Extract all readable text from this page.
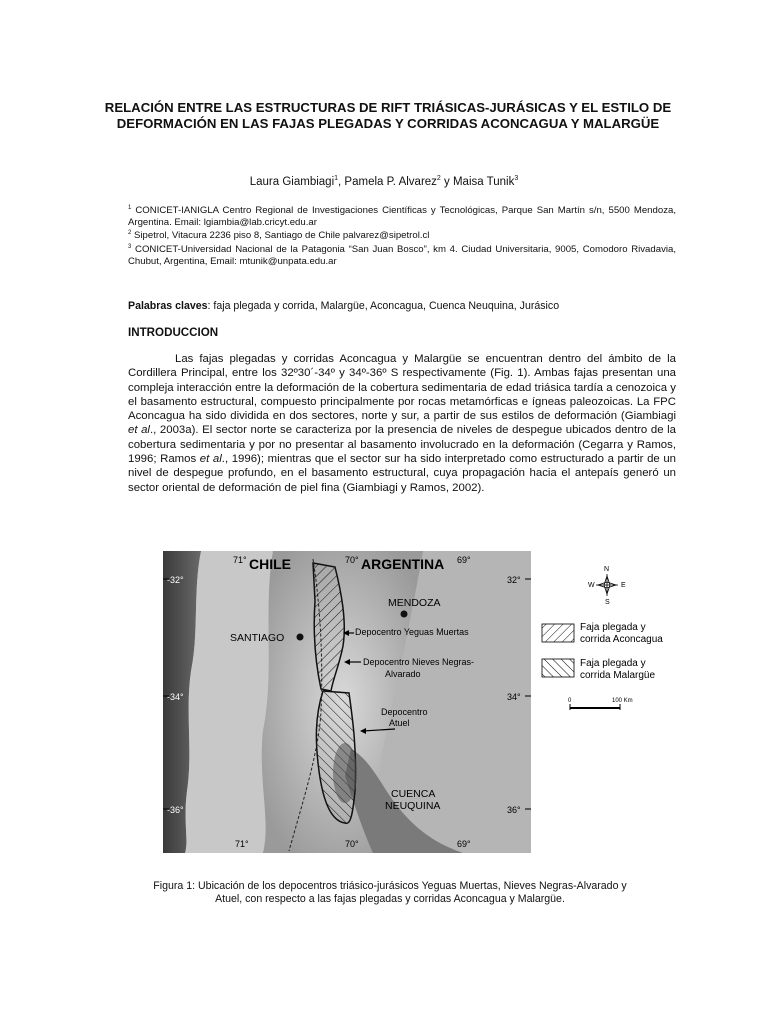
RELACIÓN ENTRE LAS ESTRUCTURAS DE RIFT TRIÁSICAS-JURÁSICAS Y EL ESTILO DE DEFORMACIÓN EN LAS FAJAS PLEGADAS Y CORRIDAS ACONCAGUA Y MALARGÜE
Laura Giambiagi$^1$, Pamela P. Alvarez$^2$ y Maisa Tunik$^3$

$^1$ CONICET-IANIGLA Centro Regional de Investigaciones Científicas y Tecnológicas, Parque San Martín s/n, 5500 Mendoza, Argentina. Email: lgiambia@lab.cricyt.edu.ar

$^2$ Sipetrol, Vitacura 2236 piso 8, Santiago de Chile palvarez@sipetrol.cl

$^3$ CONICET-Universidad Nacional de la Patagonia “San Juan Bosco”, km 4. Ciudad Universitaria, 9005, Comodoro Rivadavia, Chubut, Argentina, Email: mtunik@unpata.edu.ar

Palabras claves: faja plegada y corrida, Malargüe, Aconcagua, Cuenca Neuquina, Jurásico
INTRODUCCION

Las fajas plegadas y corridas Aconcagua y Malargüe se encuentran dentro del ámbito de la Cordillera Principal, entre los 32º30´-34º y 34º-36º S respectivamente (Fig. 1). Ambas fajas presentan una compleja interacción entre la deformación de la cobertura sedimentaria de edad triásica tardía a cenozoica y el basamento estructural, compuesto principalmente por rocas metamórficas e ígneas paleozoicas. La FPC Aconcagua ha sido dividida en dos sectores, norte y sur, a partir de sus estilos de deformación (Giambiagi et al., 2003a). El sector norte se caracteriza por la presencia de niveles de despegue ubicados dentro de la cobertura sedimentaria y por no presentar al basamento involucrado en la deformación (Cegarra y Ramos, 1996; Ramos et al., 1996); mientras que el sector sur ha sido interpretado como estructurado a partir de un nivel de despegue profundo, en el basamento estructural, cuya propagación hacia el antepaís generó un sector oriental de deformación de piel fina (Giambiagi y Ramos, 2002).

71°	70°	69°
71°	70°	69°
-32°	32°
-34°	34°
-36°	36°
CHILE	ARGENTINA
MENDOZA
SANTIAGO	Depocentro Yeguas Muertas
Depocentro Nieves Negras-
Alvarado
Depocentro
Atuel
CUENCA
NEUQUINA
N
S
W	E
Faja plegada y
corrida Aconcagua
Faja plegada y
corrida Malargüe
0	100 Km
Figura 1: Ubicación de los depocentros triásico-jurásicos Yeguas Muertas, Nieves Negras-Alvarado y Atuel, con respecto a las fajas plegadas y corridas Aconcagua y Malargüe.
